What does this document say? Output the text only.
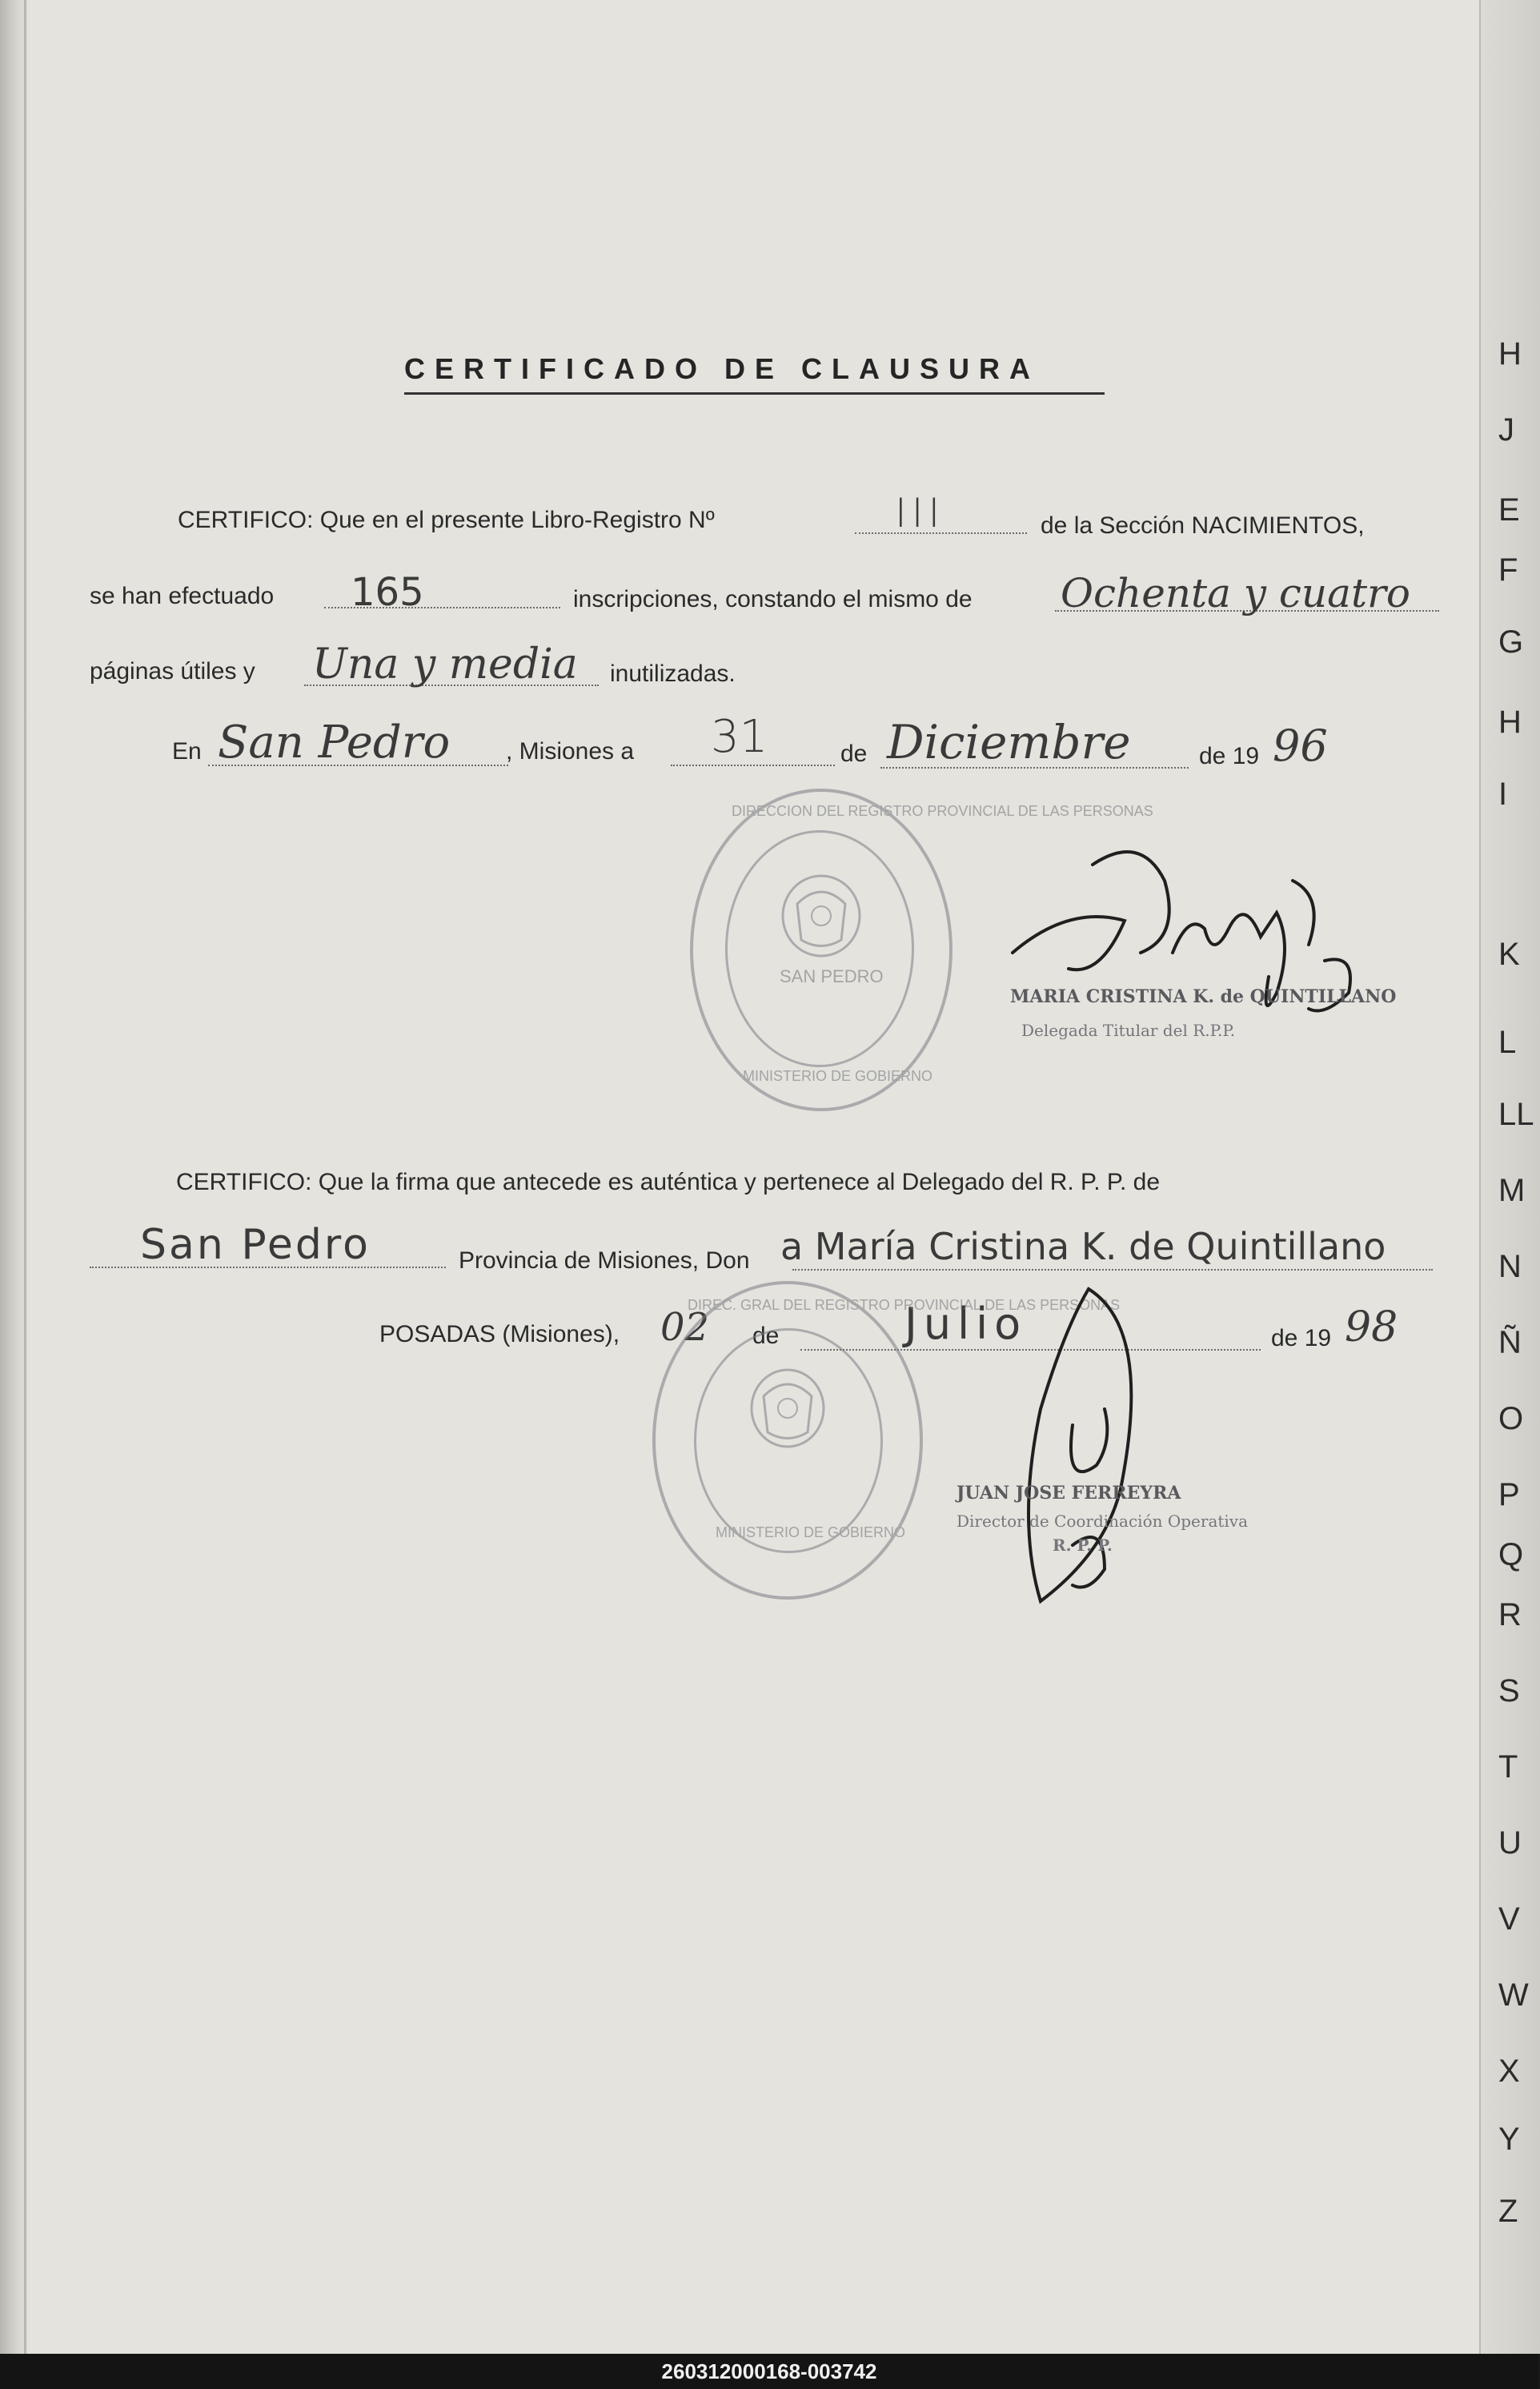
H
J
E
F
G
H
I
K
L
LL
M
N
Ñ
O
P
Q
R
S
T
U
V
W
X
Y
Z
CERTIFICADO DE CLAUSURA
CERTIFICO: Que en el presente Libro-Registro Nº	III	de la Sección NACIMIENTOS,
se han efectuado 165	inscripciones, constando el mismo de Ochenta y cuatro
páginas útiles y Una y media inutilizadas.
En San Pedro , Misiones a 31	de Diciembre	de 19 96
DIRECCION DEL REGISTRO PROVINCIAL DE LAS PERSONAS
SAN PEDRO
MINISTERIO DE GOBIERNO
MARIA CRISTINA K. de QUINTILLANO
Delegada Titular del R.P.P.
CERTIFICO: Que la firma que antecede es auténtica y pertenece al Delegado del R. P. P. de
San Pedro	Provincia de Misiones, Don a María Cristina K. de Quintillano
POSADAS (Misiones), 02 de	Julio	de 19 98
DIREC. GRAL DEL REGISTRO PROVINCIAL DE LAS PERSONAS
MINISTERIO DE GOBIERNO
JUAN JOSE FERREYRA
Director de Coordinación Operativa
R. P. P.
260312000168-003742
